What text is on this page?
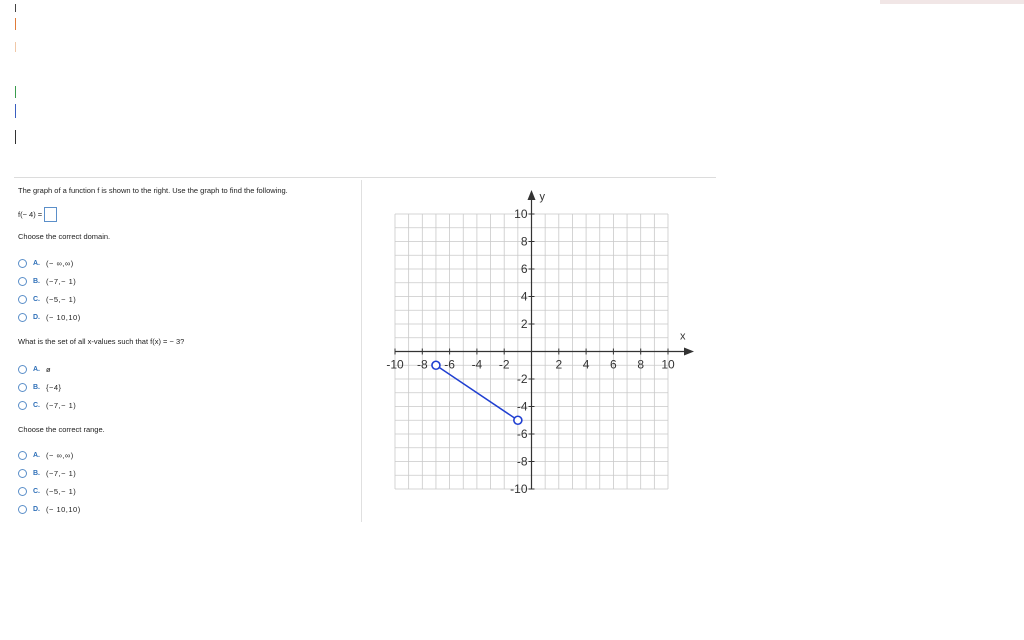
The graph of a function f is shown to the right. Use the graph to find the following.
f(− 4) =
Choose the correct domain.
A. (− ∞,∞)
B. (−7,− 1)
C. (−5,− 1)
D. (− 10,10)
What is the set of all x-values such that f(x) = − 3?
A. ø
B. {−4}
C. (−7,− 1)
Choose the correct range.
A. (− ∞,∞)
B. (−7,− 1)
C. (−5,− 1)
D. (− 10,10)
-10 -8 -6 -4 -2	2 4 6 8 10
10
8
6
4
2
-2
-4
-6
-8
-10
x
y
